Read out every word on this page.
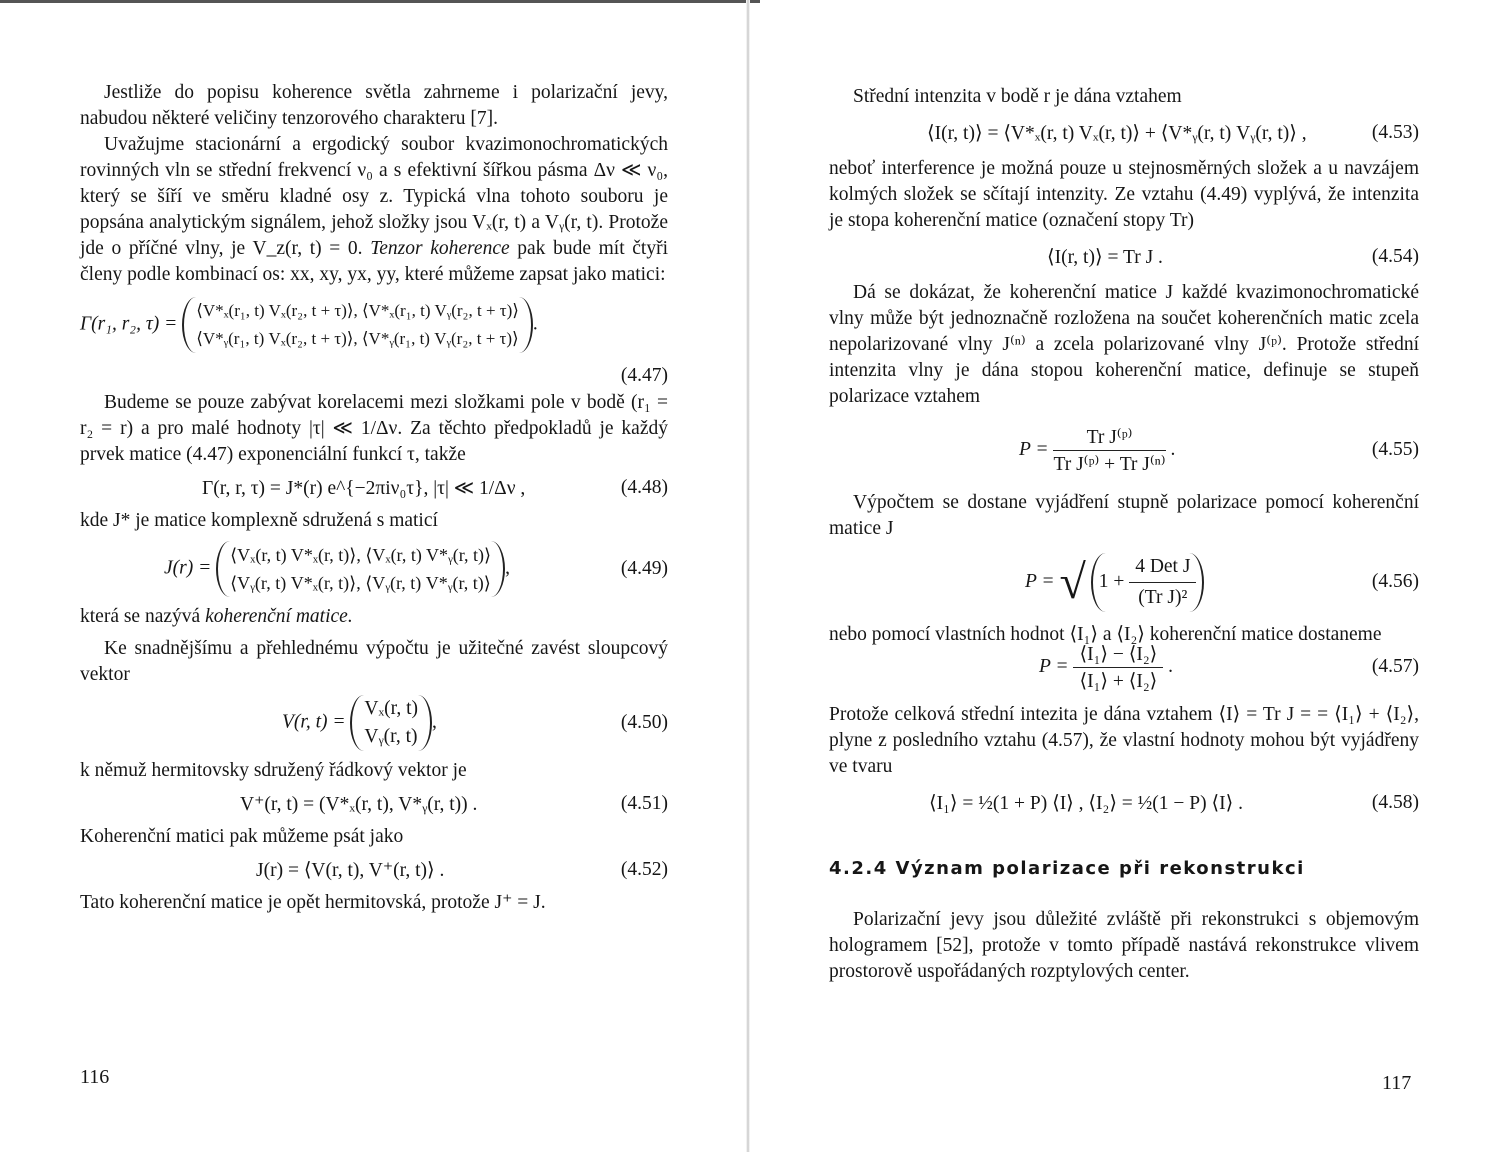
Jestliže do popisu koherence světla zahrneme i polarizační jevy, nabudou některé veličiny tenzorového charakteru [7].

Uvažujme stacionární a ergodický soubor kvazimonochromatických rovinných vln se střední frekvencí ν₀ a s efektivní šířkou pásma Δν ≪ ν₀, který se šíří ve směru kladné osy z. Typická vlna tohoto souboru je popsána analytickým signálem, jehož složky jsou Vₓ(r, t) a Vᵧ(r, t). Protože jde o příčné vlny, je V_z(r, t) = 0. Tenzor koherence pak bude mít čtyři členy podle kombinací os: xx, xy, yx, yy, které můžeme zapsat jako matici:

Γ(r₁, r₂, τ) =
⟨V*ₓ(r₁, t) Vₓ(r₂, t + τ)⟩, ⟨V*ₓ(r₁, t) Vᵧ(r₂, t + τ)⟩
⟨V*ᵧ(r₁, t) Vₓ(r₂, t + τ)⟩, ⟨V*ᵧ(r₁, t) Vᵧ(r₂, t + τ)⟩
.
(4.47)

Budeme se pouze zabývat korelacemi mezi složkami pole v bodě (r₁ = r₂ = r) a pro malé hodnoty |τ| ≪ 1/Δν. Za těchto předpokladů je každý prvek matice (4.47) exponenciální funkcí τ, takže

Γ(r, r, τ) = J*(r) e^{−2πiν₀τ}, |τ| ≪ 1/Δν ,	(4.48)

kde J* je matice komplexně sdružená s maticí

J(r) =
⟨Vₓ(r, t) V*ₓ(r, t)⟩, ⟨Vₓ(r, t) V*ᵧ(r, t)⟩
⟨Vᵧ(r, t) V*ₓ(r, t)⟩, ⟨Vᵧ(r, t) V*ᵧ(r, t)⟩
,	(4.49)

která se nazývá koherenční matice.

Ke snadnějšímu a přehlednému výpočtu je užitečné zavést sloupcový vektor

V(r, t) =
Vₓ(r, t)
Vᵧ(r, t)
,	(4.50)

k němuž hermitovsky sdružený řádkový vektor je

V⁺(r, t) = (V*ₓ(r, t), V*ᵧ(r, t)) .	(4.51)

Koherenční matici pak můžeme psát jako

J(r) = ⟨V(r, t), V⁺(r, t)⟩ .	(4.52)

Tato koherenční matice je opět hermitovská, protože J⁺ = J.

116

Střední intenzita v bodě r je dána vztahem

⟨I(r, t)⟩ = ⟨V*ₓ(r, t) Vₓ(r, t)⟩ + ⟨V*ᵧ(r, t) Vᵧ(r, t)⟩ ,	(4.53)

neboť interference je možná pouze u stejnosměrných složek a u navzájem kolmých složek se sčítají intenzity. Ze vztahu (4.49) vyplývá, že intenzita je stopa koherenční matice (označení stopy Tr)

⟨I(r, t)⟩ = Tr J .	(4.54)

Dá se dokázat, že koherenční matice J každé kvazimonochromatické vlny může být jednoznačně rozložena na součet koherenčních matic zcela nepolarizované vlny J⁽ⁿ⁾ a zcela polarizované vlny J⁽ᵖ⁾. Protože střední intenzita vlny je dána stopou koherenční matice, definuje se stupeň polarizace vztahem

$P = \frac{\text{Tr J⁽ᵖ⁾}}{\text{Tr J⁽ᵖ⁾ + Tr J⁽ⁿ⁾}}$ .	(4.55)

Výpočtem se dostane vyjádření stupně polarizace pomocí koherenční matice J

P = √ $1 + \frac{\text{4 Det J}}{\text{(Tr J)²}}$	(4.56)

nebo pomocí vlastních hodnot ⟨I₁⟩ a ⟨I₂⟩ koherenční matice dostaneme

$P = \frac{\text{⟨I₁⟩ − ⟨I₂⟩}}{\text{⟨I₁⟩ + ⟨I₂⟩}}$ .	(4.57)

Protože celková střední intezita je dána vztahem ⟨I⟩ = Tr J = = ⟨I₁⟩ + ⟨I₂⟩, plyne z posledního vztahu (4.57), že vlastní hodnoty mohou být vyjádřeny ve tvaru

⟨I₁⟩ = ½(1 + P) ⟨I⟩ , ⟨I₂⟩ = ½(1 − P) ⟨I⟩ .	(4.58)
4.2.4 Význam polarizace při rekonstrukci

Polarizační jevy jsou důležité zvláště při rekonstrukci s objemovým hologramem [52], protože v tomto případě nastává rekonstrukce vlivem prostorově uspořádaných rozptylových center.

117
